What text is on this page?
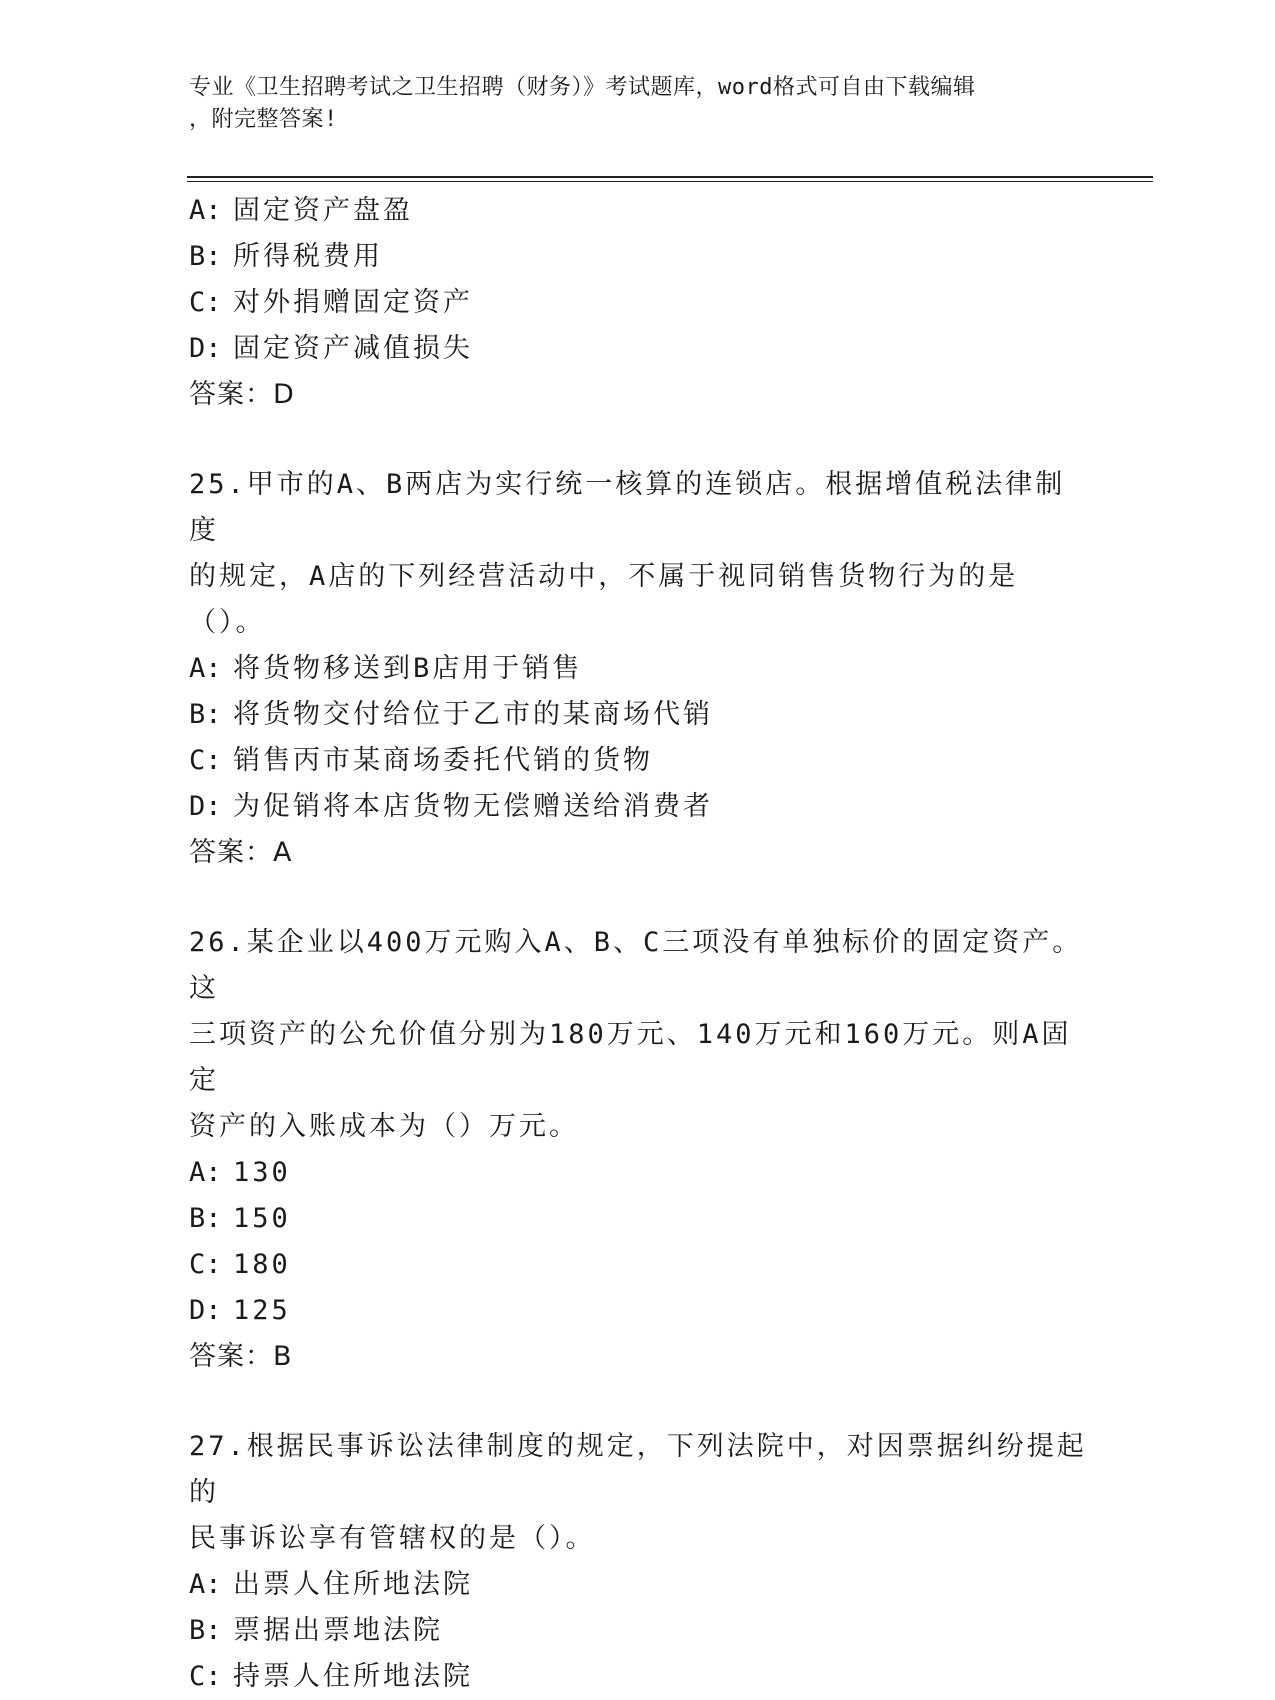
专业《卫生招聘考试之卫生招聘（财务）》考试题库，word格式可自由下载编辑
，附完整答案!
A: 固定资产盘盈
B: 所得税费用
C: 对外捐赠固定资产
D: 固定资产减值损失
答案：D
25.甲市的A、B两店为实行统一核算的连锁店。根据增值税法律制度
的规定，A店的下列经营活动中，不属于视同销售货物行为的是（）。
A: 将货物移送到B店用于销售
B: 将货物交付给位于乙市的某商场代销
C: 销售丙市某商场委托代销的货物
D: 为促销将本店货物无偿赠送给消费者
答案：A
26.某企业以400万元购入A、B、C三项没有单独标价的固定资产。这
三项资产的公允价值分别为180万元、140万元和160万元。则A固定
资产的入账成本为（）万元。
A: 130
B: 150
C: 180
D: 125
答案：B
27.根据民事诉讼法律制度的规定，下列法院中，对因票据纠纷提起的
民事诉讼享有管辖权的是（）。
A: 出票人住所地法院
B: 票据出票地法院
C: 持票人住所地法院
